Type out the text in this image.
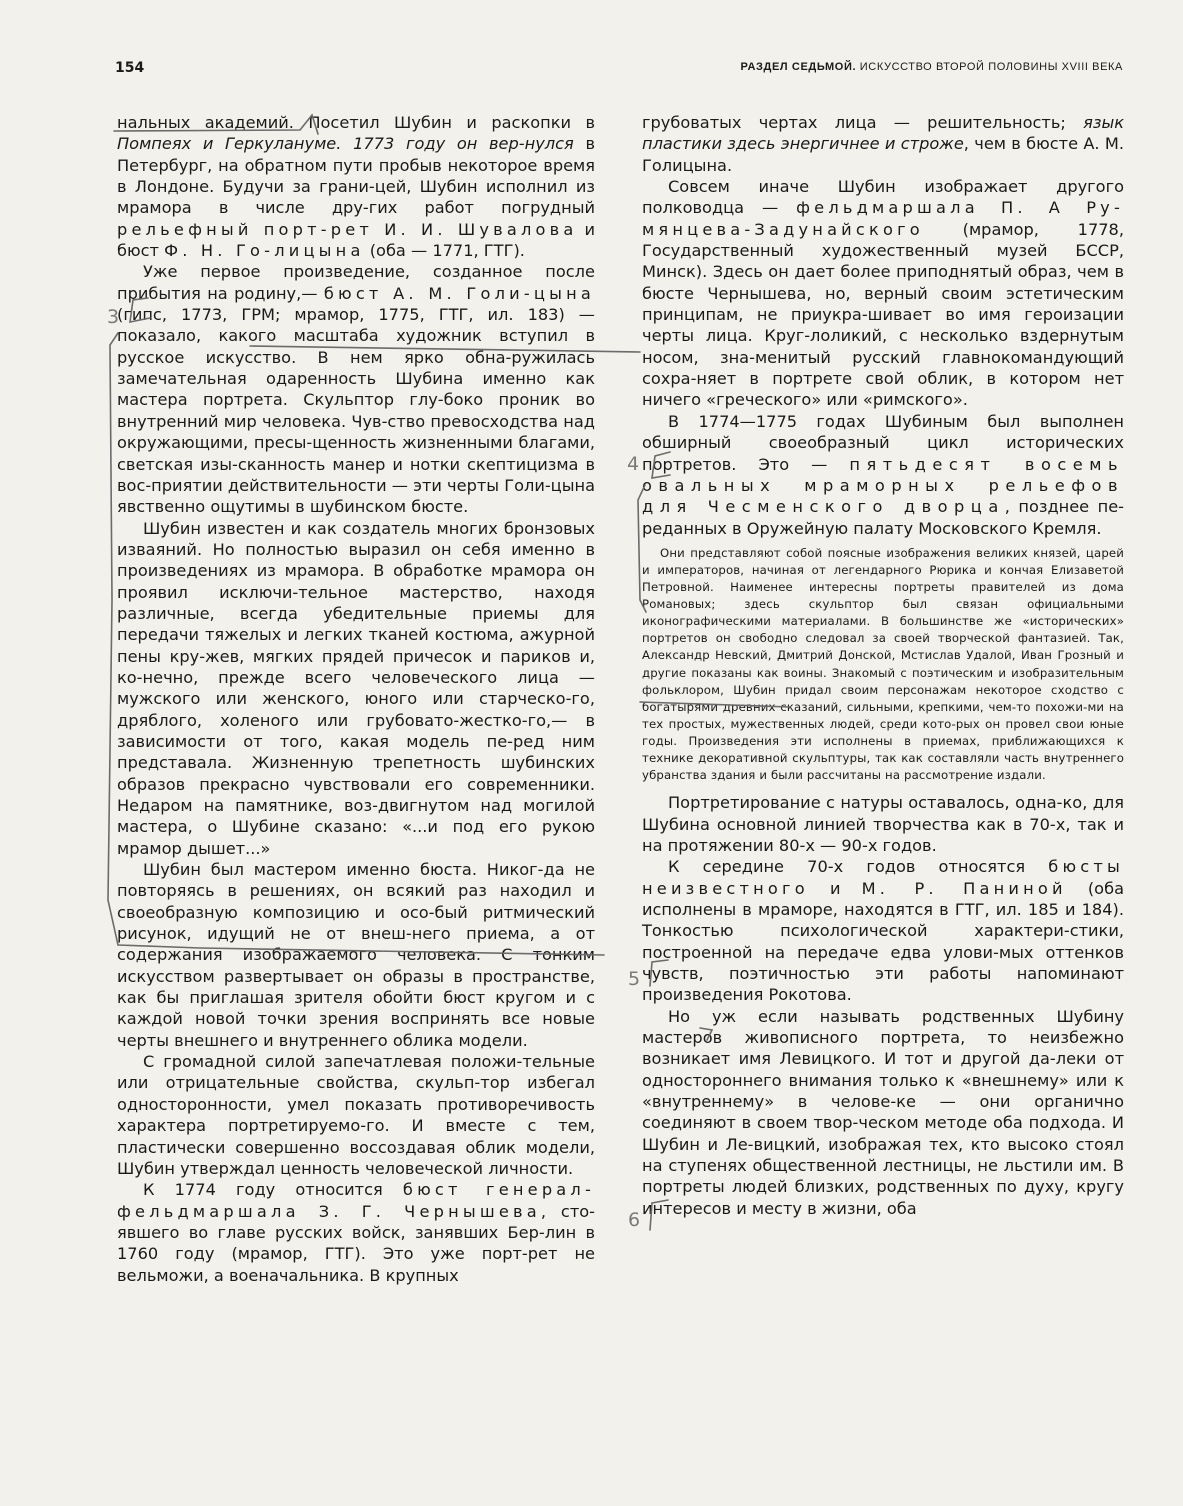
154	РАЗДЕЛ СЕДЬМОЙ. ИСКУССТВО ВТОРОЙ ПОЛОВИНЫ XVIII ВЕКА

нальных академий. Посетил Шубин и раскопки в Помпеях и Геркулануме. 1773 году он вер-нулся в Петербург, на обратном пути пробыв некоторое время в Лондоне. Будучи за грани-цей, Шубин исполнил из мрамора в числе дру-гих работ погрудный рельефный порт-рет И. И. Шувалова и бюст Ф. Н. Го-лицына (оба — 1771, ГТГ).

Уже первое произведение, созданное после прибытия на родину,— бюст А. М. Голи-цына (гипс, 1773, ГРМ; мрамор, 1775, ГТГ, ил. 183) — показало, какого масштаба художник вступил в русское искусство. В нем ярко обна-ружилась замечательная одаренность Шубина именно как мастера портрета. Скульптор глу-боко проник во внутренний мир человека. Чув-ство превосходства над окружающими, пресы-щенность жизненными благами, светская изы-сканность манер и нотки скептицизма в вос-приятии действительности — эти черты Голи-цына явственно ощутимы в шубинском бюсте.

Шубин известен и как создатель многих бронзовых изваяний. Но полностью выразил он себя именно в произведениях из мрамора. В обработке мрамора он проявил исключи-тельное мастерство, находя различные, всегда убедительные приемы для передачи тяжелых и легких тканей костюма, ажурной пены кру-жев, мягких прядей причесок и париков и, ко-нечно, прежде всего человеческого лица — мужского или женского, юного или старческо-го, дряблого, холеного или грубовато-жестко-го,— в зависимости от того, какая модель пе-ред ним представала. Жизненную трепетность шубинских образов прекрасно чувствовали его современники. Недаром на памятнике, воз-двигнутом над могилой мастера, о Шубине сказано: «...и под его рукою мрамор дышет...»

Шубин был мастером именно бюста. Никог-да не повторяясь в решениях, он всякий раз находил и своеобразную композицию и осо-бый ритмический рисунок, идущий не от внеш-него приема, а от содержания изображаемого человека. С тонким искусством развертывает он образы в пространстве, как бы приглашая зрителя обойти бюст кругом и с каждой новой точки зрения воспринять все новые черты внешнего и внутреннего облика модели.

С громадной силой запечатлевая положи-тельные или отрицательные свойства, скульп-тор избегал односторонности, умел показать противоречивость характера портретируемо-го. И вместе с тем, пластически совершенно воссоздавая облик модели, Шубин утверждал ценность человеческой личности.

К 1774 году относится бюст генерал-фельдмаршала З. Г. Чернышева, сто-явшего во главе русских войск, занявших Бер-лин в 1760 году (мрамор, ГТГ). Это уже порт-рет не вельможи, а военачальника. В крупных

грубоватых чертах лица — решительность; язык пластики здесь энергичнее и строже, чем в бюсте А. М. Голицына.

Совсем иначе Шубин изображает другого полководца — фельдмаршала П. А Ру-мянцева-Задунайского (мрамор, 1778, Государственный художественный музей БССР, Минск). Здесь он дает более приподнятый образ, чем в бюсте Чернышева, но, верный своим эстетическим принципам, не приукра-шивает во имя героизации черты лица. Круг-лоликий, с несколько вздернутым носом, зна-менитый русский главнокомандующий сохра-няет в портрете свой облик, в котором нет ничего «греческого» или «римского».

В 1774—1775 годах Шубиным был выполнен обширный своеобразный цикл исторических портретов. Это — пятьдесят восемь овальных мраморных рельефов для Чесменского дворца, позднее пе-реданных в Оружейную палату Московского Кремля.

Они представляют собой поясные изображения великих князей, царей и императоров, начиная от легендарного Рюрика и кончая Елизаветой Петровной. Наименее интересны портреты правителей из дома Романовых; здесь скульптор был связан официальными иконографическими материалами. В большинстве же «исторических» портретов он свободно следовал за своей творческой фантазией. Так, Александр Невский, Дмитрий Донской, Мстислав Удалой, Иван Грозный и другие показаны как воины. Знакомый с поэтическим и изобразительным фольклором, Шубин придал своим персонажам некоторое сходство с богатырями древних сказаний, сильными, крепкими, чем-то похожи-ми на тех простых, мужественных людей, среди кото-рых он провел свои юные годы. Произведения эти исполнены в приемах, приближающихся к технике декоративной скульптуры, так как составляли часть внутреннего убранства здания и были рассчитаны на рассмотрение издали.

Портретирование с натуры оставалось, одна-ко, для Шубина основной линией творчества как в 70-х, так и на протяжении 80-х — 90-х годов.

К середине 70-х годов относятся бюсты неизвестного и М. Р. Паниной (оба исполнены в мраморе, находятся в ГТГ, ил. 185 и 184). Тонкостью психологической характери-стики, построенной на передаче едва улови-мых оттенков чувств, поэтичностью эти работы напоминают произведения Рокотова.

Но уж если называть родственных Шубину мастеров живописного портрета, то неизбежно возникает имя Левицкого. И тот и другой да-леки от одностороннего внимания только к «внешнему» или к «внутреннему» в челове-ке — они органично соединяют в своем твор-ческом методе оба подхода. И Шубин и Ле-вицкий, изображая тех, кто высоко стоял на ступенях общественной лестницы, не льстили им. В портреты людей близких, родственных по духу, кругу интересов и месту в жизни, оба

3
4
5
6
